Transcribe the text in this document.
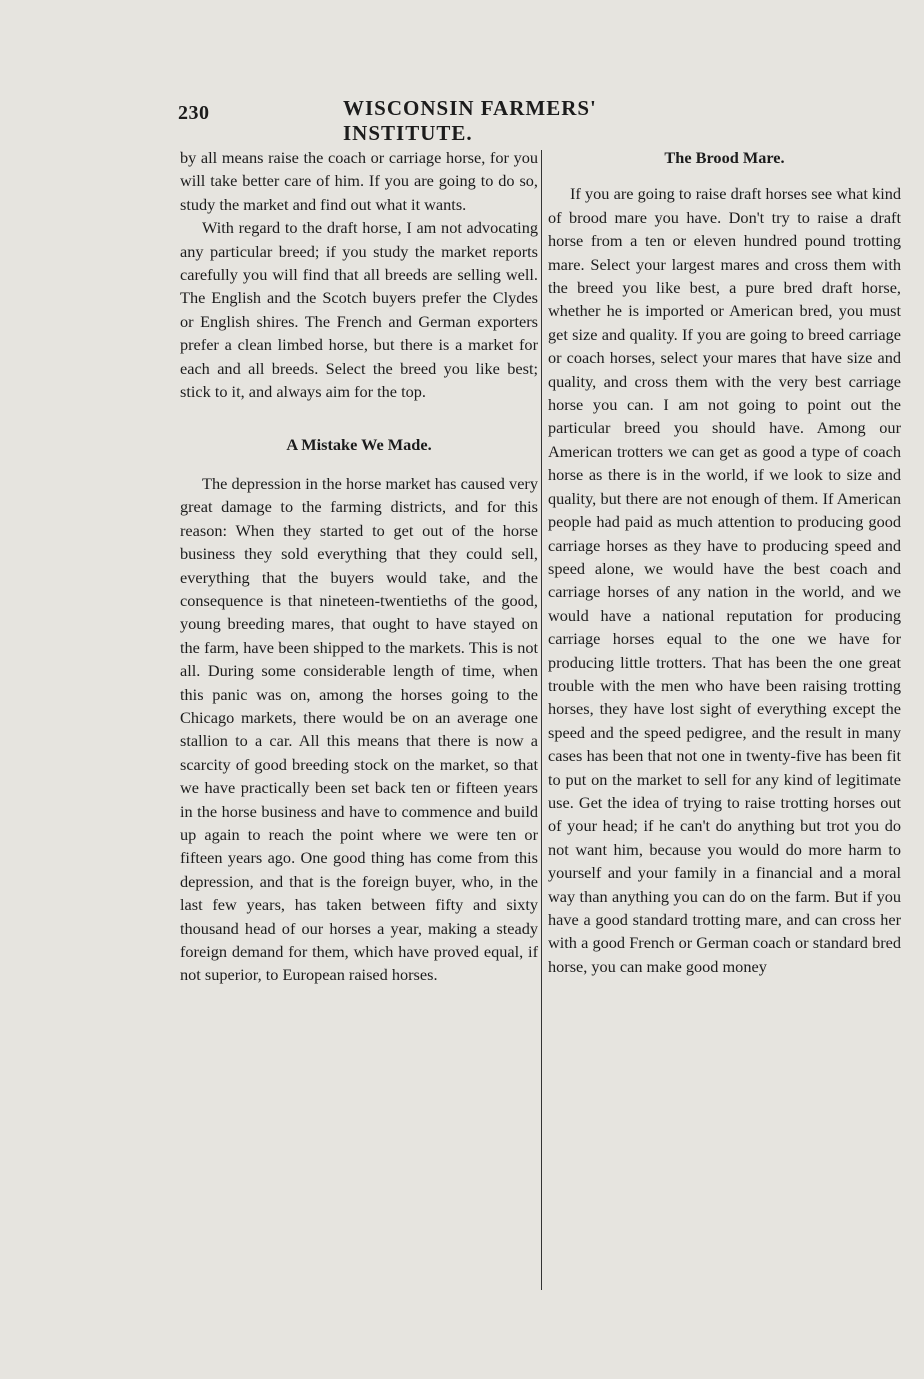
230	WISCONSIN FARMERS' INSTITUTE.

by all means raise the coach or carriage horse, for you will take better care of him. If you are going to do so, study the market and find out what it wants.

With regard to the draft horse, I am not advocating any particular breed; if you study the market reports carefully you will find that all breeds are selling well. The English and the Scotch buyers prefer the Clydes or English shires. The French and German exporters prefer a clean limbed horse, but there is a market for each and all breeds. Select the breed you like best; stick to it, and always aim for the top.

A Mistake We Made.

The depression in the horse market has caused very great damage to the farming districts, and for this reason: When they started to get out of the horse business they sold everything that they could sell, everything that the buyers would take, and the consequence is that nineteen-twentieths of the good, young breeding mares, that ought to have stayed on the farm, have been shipped to the markets. This is not all. During some considerable length of time, when this panic was on, among the horses going to the Chicago markets, there would be on an average one stallion to a car. All this means that there is now a scarcity of good breeding stock on the market, so that we have practically been set back ten or fifteen years in the horse business and have to commence and build up again to reach the point where we were ten or fifteen years ago. One good thing has come from this depression, and that is the foreign buyer, who, in the last few years, has taken between fifty and sixty thousand head of our horses a year, making a steady foreign demand for them, which have proved equal, if not superior, to European raised horses.

The Brood Mare.

If you are going to raise draft horses see what kind of brood mare you have. Don't try to raise a draft horse from a ten or eleven hundred pound trotting mare. Select your largest mares and cross them with the breed you like best, a pure bred draft horse, whether he is imported or American bred, you must get size and quality. If you are going to breed carriage or coach horses, select your mares that have size and quality, and cross them with the very best carriage horse you can. I am not going to point out the particular breed you should have. Among our American trotters we can get as good a type of coach horse as there is in the world, if we look to size and quality, but there are not enough of them. If American people had paid as much attention to producing good carriage horses as they have to producing speed and speed alone, we would have the best coach and carriage horses of any nation in the world, and we would have a national reputation for producing carriage horses equal to the one we have for producing little trotters. That has been the one great trouble with the men who have been raising trotting horses, they have lost sight of everything except the speed and the speed pedigree, and the result in many cases has been that not one in twenty-five has been fit to put on the market to sell for any kind of legitimate use. Get the idea of trying to raise trotting horses out of your head; if he can't do anything but trot you do not want him, because you would do more harm to yourself and your family in a financial and a moral way than anything you can do on the farm. But if you have a good standard trotting mare, and can cross her with a good French or German coach or standard bred horse, you can make good money
